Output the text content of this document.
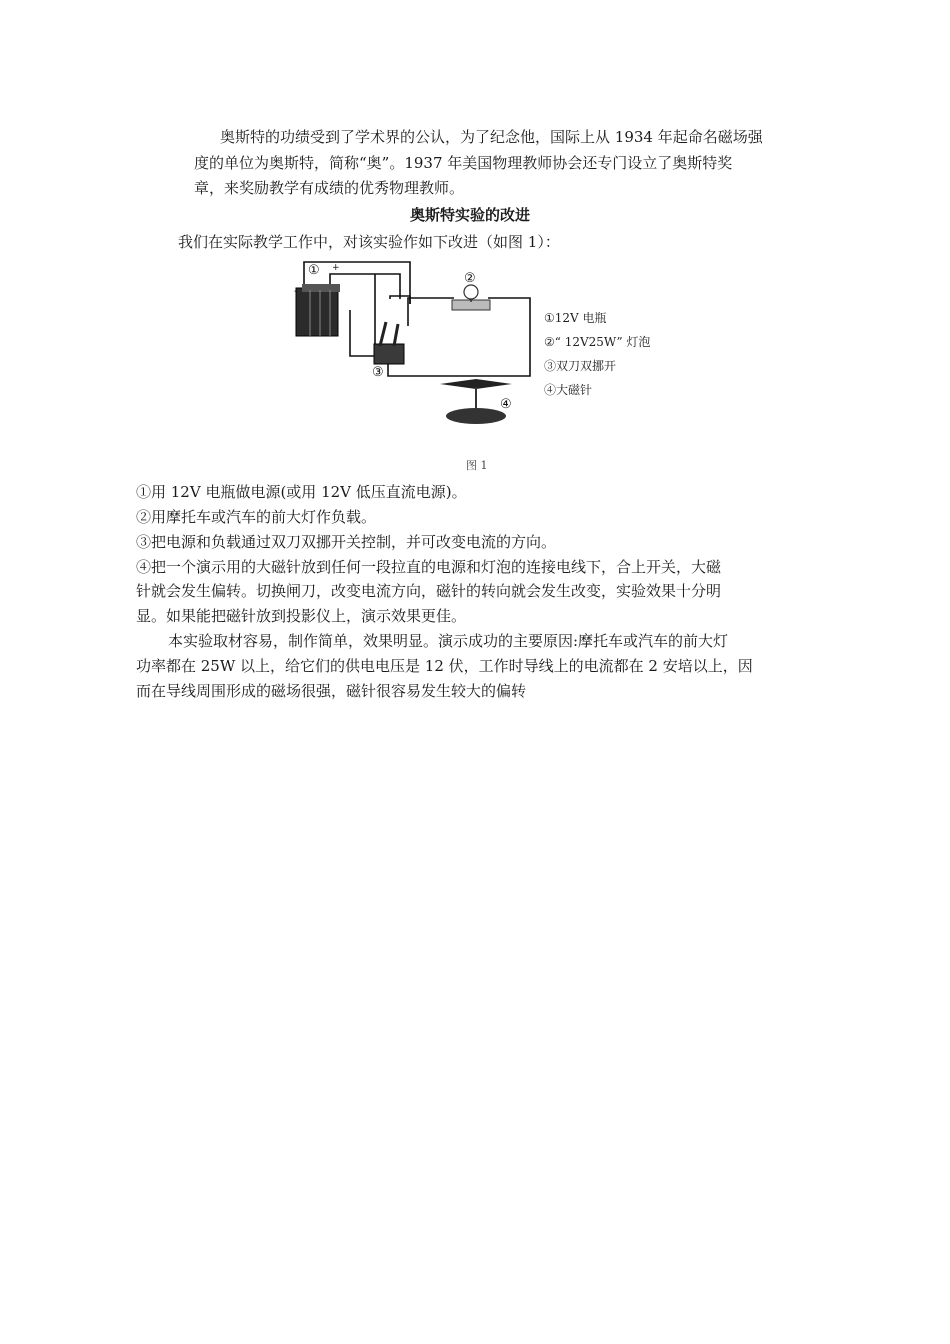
奥斯特的功绩受到了学术界的公认，为了纪念他，国际上从 1934 年起命名磁场强
度的单位为奥斯特，简称“奥”。1937 年美国物理教师协会还专门设立了奥斯特奖
章，来奖励教学有成绩的优秀物理教师。
奥斯特实验的改进
我们在实际教学工作中，对该实验作如下改进（如图 1）：
① +
-
②
③
④
①12V 电瓶
②“ 12V25W” 灯泡
③双刀双挪开
④大磁针
图 1
①用 12V 电瓶做电源(或用 12V 低压直流电源)。
②用摩托车或汽车的前大灯作负载。
③把电源和负载通过双刀双挪开关控制，并可改变电流的方向。
④把一个演示用的大磁针放到任何一段拉直的电源和灯泡的连接电线下，合上开关，大磁
针就会发生偏转。切换闸刀，改变电流方向，磁针的转向就会发生改变，实验效果十分明
显。如果能把磁针放到投影仪上，演示效果更佳。
本实验取材容易，制作简单，效果明显。演示成功的主要原因:摩托车或汽车的前大灯
功率都在 25W 以上，给它们的供电电压是 12 伏，工作时导线上的电流都在 2 安培以上，因
而在导线周围形成的磁场很强，磁针很容易发生较大的偏转
